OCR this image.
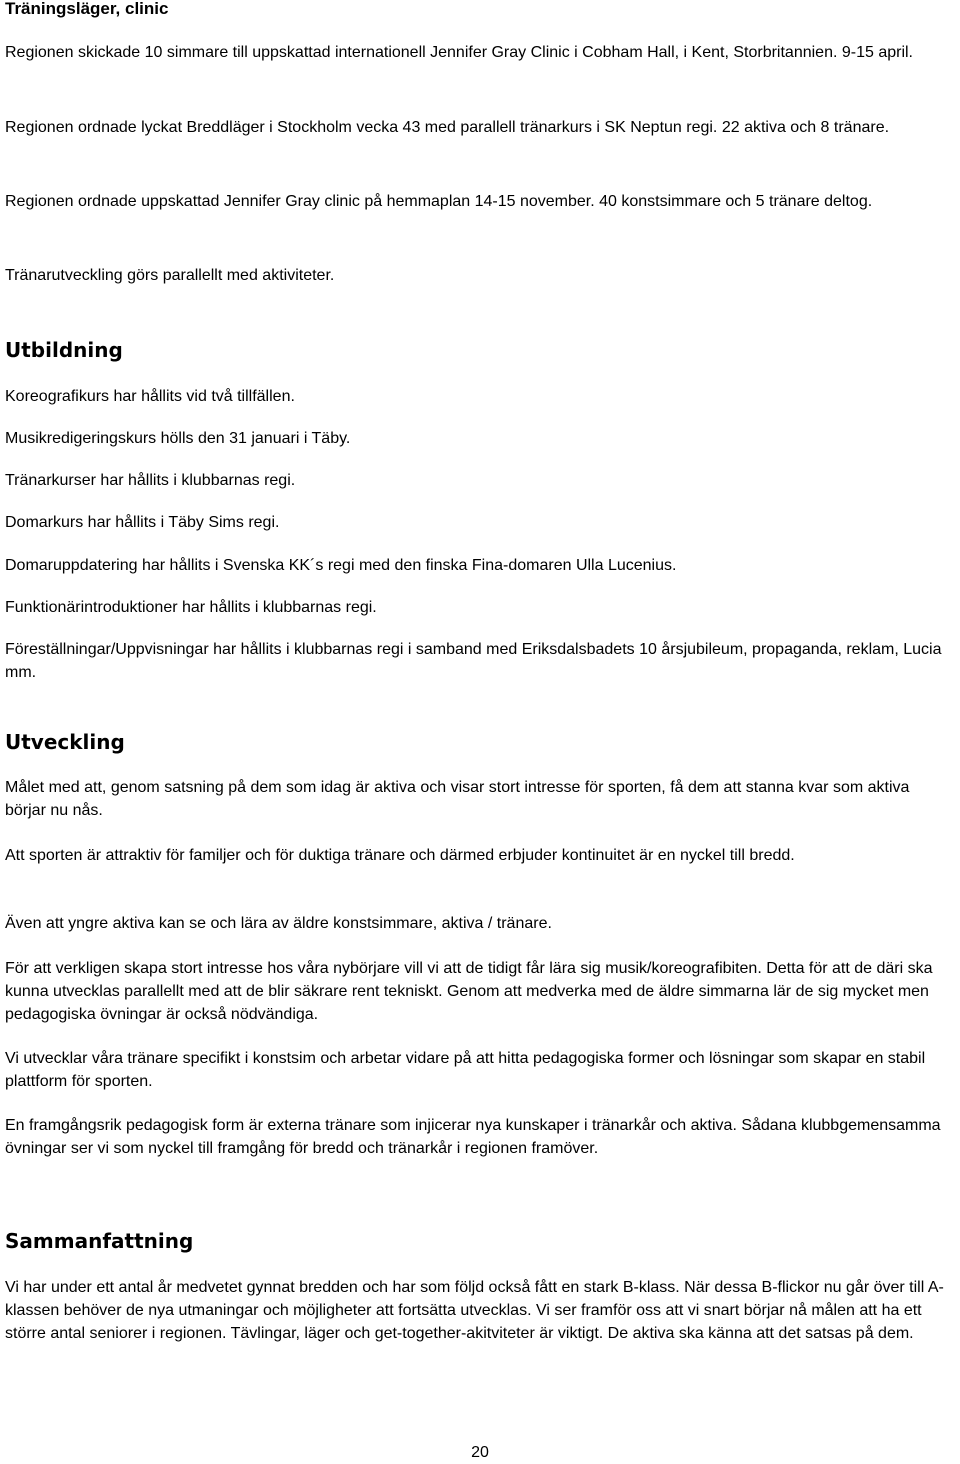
Träningsläger, clinic

Regionen skickade 10 simmare till uppskattad internationell Jennifer Gray Clinic i Cobham Hall, i Kent, Storbritannien. 9-15 april.

Regionen ordnade lyckat Breddläger i Stockholm vecka 43 med parallell tränarkurs i SK Neptun regi. 22 aktiva och 8 tränare.

Regionen ordnade uppskattad Jennifer Gray clinic på hemmaplan 14-15 november. 40 konstsimmare och 5 tränare deltog.

Tränarutveckling görs parallellt med aktiviteter.

Utbildning

Koreografikurs har hållits vid två tillfällen.

Musikredigeringskurs hölls den 31 januari i Täby.

Tränarkurser har hållits i klubbarnas regi.

Domarkurs har hållits i Täby Sims regi.

Domaruppdatering har hållits i Svenska KK´s regi med den finska Fina-domaren Ulla Lucenius.

Funktionärintroduktioner har hållits i klubbarnas regi.

Föreställningar/Uppvisningar har hållits i klubbarnas regi i samband med Eriksdalsbadets 10 årsjubileum, propaganda, reklam, Lucia mm.

Utveckling

Målet med att, genom satsning på dem som idag är aktiva och visar stort intresse för sporten, få dem att stanna kvar som aktiva börjar nu nås.

Att sporten är attraktiv för familjer och för duktiga tränare och därmed erbjuder kontinuitet är en nyckel till bredd.

Även att yngre aktiva kan se och lära av äldre konstsimmare, aktiva / tränare.

För att verkligen skapa stort intresse hos våra nybörjare vill vi att de tidigt får lära sig musik/koreografibiten. Detta för att de däri ska kunna utvecklas parallellt med att de blir säkrare rent tekniskt. Genom att medverka med de äldre simmarna lär de sig mycket men pedagogiska övningar är också nödvändiga.

Vi utvecklar våra tränare specifikt i konstsim och arbetar vidare på att hitta pedagogiska former och lösningar som skapar en stabil plattform för sporten.

En framgångsrik pedagogisk form är externa tränare som injicerar nya kunskaper i tränarkår och aktiva. Sådana klubbgemensamma övningar ser vi som nyckel till framgång för bredd och tränarkår i regionen framöver.

Sammanfattning

Vi har under ett antal år medvetet gynnat bredden och har som följd också fått en stark B-klass. När dessa B-flickor nu går över till A-klassen behöver de nya utmaningar och möjligheter att fortsätta utvecklas. Vi ser framför oss att vi snart börjar nå målen att ha ett större antal seniorer i regionen. Tävlingar, läger och get-together-akitviteter är viktigt. De aktiva ska känna att det satsas på dem.

20
